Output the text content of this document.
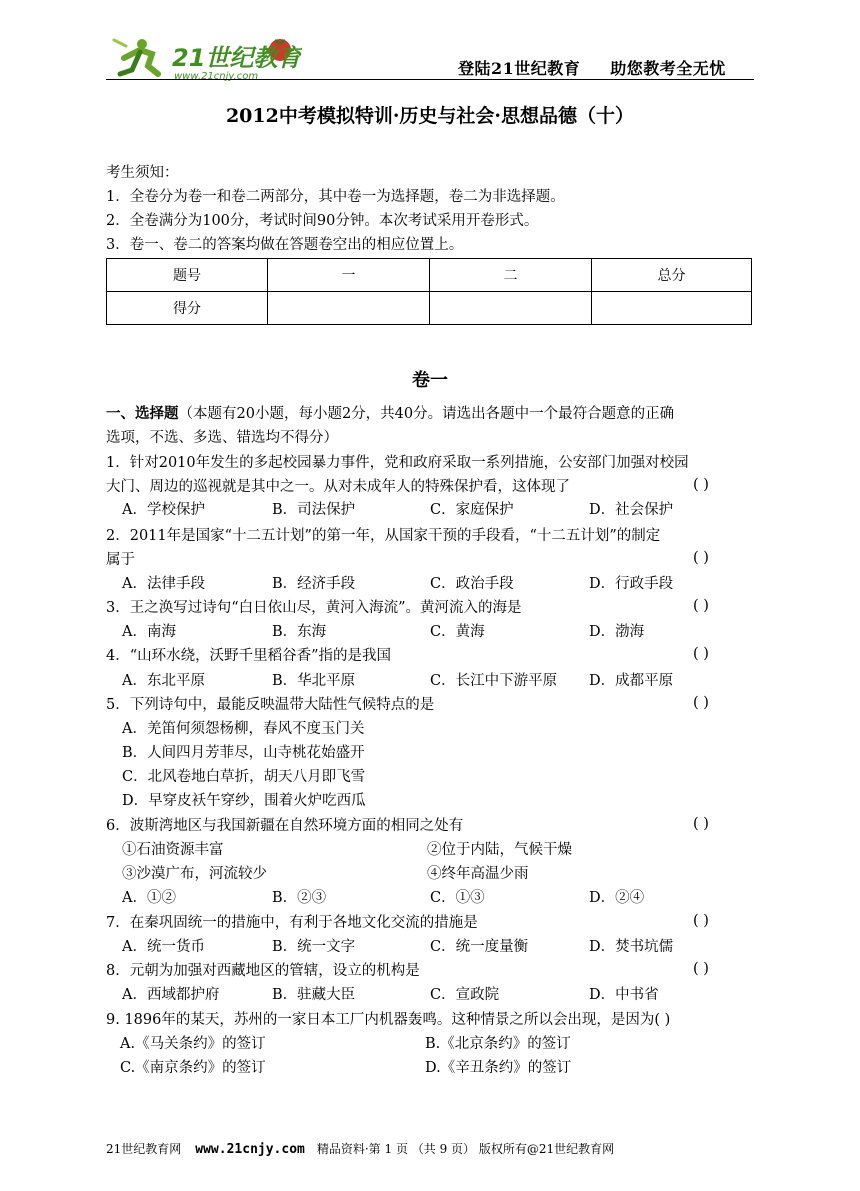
21世纪教育
www.21cnjy.com	登陆21世纪教育 助您教考全无忧
2012中考模拟特训·历史与社会·思想品德（十）
考生须知：
1．全卷分为卷一和卷二两部分，其中卷一为选择题，卷二为非选择题。
2．全卷满分为100分，考试时间90分钟。本次考试采用开卷形式。
3．卷一、卷二的答案均做在答题卷空出的相应位置上。
题号	一	二	总分
得分			
卷一
一、选择题（本题有20小题，每小题2分，共40分。请选出各题中一个最符合题意的正确
选项，不选、多选、错选均不得分）
1．针对2010年发生的多起校园暴力事件，党和政府采取一系列措施，公安部门加强对校园
大门、周边的巡视就是其中之一。从对未成年人的特殊保护看，这体现了	( )
A．学校保护	B．司法保护	C．家庭保护	D．社会保护
2．2011年是国家“十二五计划”的第一年，从国家干预的手段看，“十二五计划”的制定
属于	( )
A．法律手段	B．经济手段	C．政治手段	D．行政手段
3．王之涣写过诗句“白日依山尽，黄河入海流”。黄河流入的海是	( )
A．南海	B．东海	C．黄海	D．渤海
4．“山环水绕，沃野千里稻谷香”指的是我国	( )
A．东北平原	B．华北平原	C．长江中下游平原 D．成都平原
5．下列诗句中，最能反映温带大陆性气候特点的是	( )
A．羌笛何须怨杨柳，春风不度玉门关
B．人间四月芳菲尽，山寺桃花始盛开
C．北风卷地白草折，胡天八月即飞雪
D．早穿皮袄午穿纱，围着火炉吃西瓜
6．波斯湾地区与我国新疆在自然环境方面的相同之处有	( )
①石油资源丰富	②位于内陆，气候干燥
③沙漠广布，河流较少	④终年高温少雨
A．①②	B．②③	C．①③	D．②④
7．在秦巩固统一的措施中，有利于各地文化交流的措施是	( )
A．统一货币	B．统一文字	C．统一度量衡	D．焚书坑儒
8．元朝为加强对西藏地区的管辖，设立的机构是	( )
A．西域都护府	B．驻藏大臣	C．宣政院	D．中书省
9. 1896年的某天，苏州的一家日本工厂内机器轰鸣。这种情景之所以会出现，是因为( )
A.《马关条约》的签订	B.《北京条约》的签订
C.《南京条约》的签订	D.《辛丑条约》的签订
21世纪教育网 www.21cnjy.com 精品资料·第 1 页 （共 9 页） 版权所有@21世纪教育网
